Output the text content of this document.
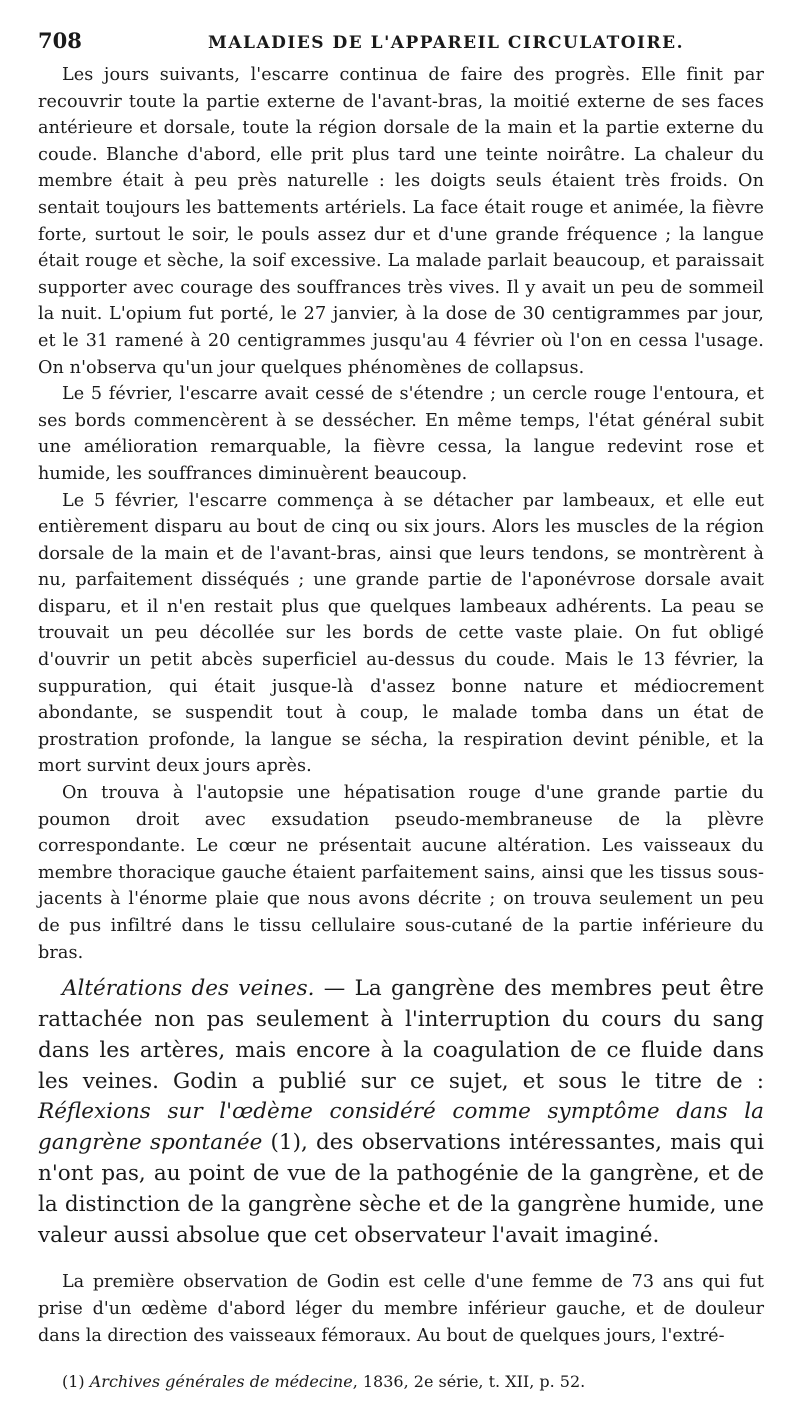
708	MALADIES DE L'APPAREIL CIRCULATOIRE.

Les jours suivants, l'escarre continua de faire des progrès. Elle finit par recouvrir toute la partie externe de l'avant-bras, la moitié externe de ses faces antérieure et dorsale, toute la région dorsale de la main et la partie externe du coude. Blanche d'abord, elle prit plus tard une teinte noirâtre. La chaleur du membre était à peu près naturelle : les doigts seuls étaient très froids. On sentait toujours les battements artériels. La face était rouge et animée, la fièvre forte, surtout le soir, le pouls assez dur et d'une grande fréquence ; la langue était rouge et sèche, la soif excessive. La malade parlait beaucoup, et paraissait supporter avec courage des souffrances très vives. Il y avait un peu de sommeil la nuit. L'opium fut porté, le 27 janvier, à la dose de 30 centigrammes par jour, et le 31 ramené à 20 centigrammes jusqu'au 4 février où l'on en cessa l'usage. On n'observa qu'un jour quelques phénomènes de collapsus.

Le 5 février, l'escarre avait cessé de s'étendre ; un cercle rouge l'entoura, et ses bords commencèrent à se dessécher. En même temps, l'état général subit une amélioration remarquable, la fièvre cessa, la langue redevint rose et humide, les souffrances diminuèrent beaucoup.

Le 5 février, l'escarre commença à se détacher par lambeaux, et elle eut entièrement disparu au bout de cinq ou six jours. Alors les muscles de la région dorsale de la main et de l'avant-bras, ainsi que leurs tendons, se montrèrent à nu, parfaitement disséqués ; une grande partie de l'aponévrose dorsale avait disparu, et il n'en restait plus que quelques lambeaux adhérents. La peau se trouvait un peu décollée sur les bords de cette vaste plaie. On fut obligé d'ouvrir un petit abcès superficiel au-dessus du coude. Mais le 13 février, la suppuration, qui était jusque-là d'assez bonne nature et médiocrement abondante, se suspendit tout à coup, le malade tomba dans un état de prostration profonde, la langue se sécha, la respiration devint pénible, et la mort survint deux jours après.

On trouva à l'autopsie une hépatisation rouge d'une grande partie du poumon droit avec exsudation pseudo-membraneuse de la plèvre correspondante. Le cœur ne présentait aucune altération. Les vaisseaux du membre thoracique gauche étaient parfaitement sains, ainsi que les tissus sous-jacents à l'énorme plaie que nous avons décrite ; on trouva seulement un peu de pus infiltré dans le tissu cellulaire sous-cutané de la partie inférieure du bras.

Altérations des veines. — La gangrène des membres peut être rattachée non pas seulement à l'interruption du cours du sang dans les artères, mais encore à la coagulation de ce fluide dans les veines. Godin a publié sur ce sujet, et sous le titre de : Réflexions sur l'œdème considéré comme symptôme dans la gangrène spontanée (1), des observations intéressantes, mais qui n'ont pas, au point de vue de la pathogénie de la gangrène, et de la distinction de la gangrène sèche et de la gangrène humide, une valeur aussi absolue que cet observateur l'avait imaginé.

La première observation de Godin est celle d'une femme de 73 ans qui fut prise d'un œdème d'abord léger du membre inférieur gauche, et de douleur dans la direction des vaisseaux fémoraux. Au bout de quelques jours, l'extré-

(1) Archives générales de médecine, 1836, 2e série, t. XII, p. 52.
